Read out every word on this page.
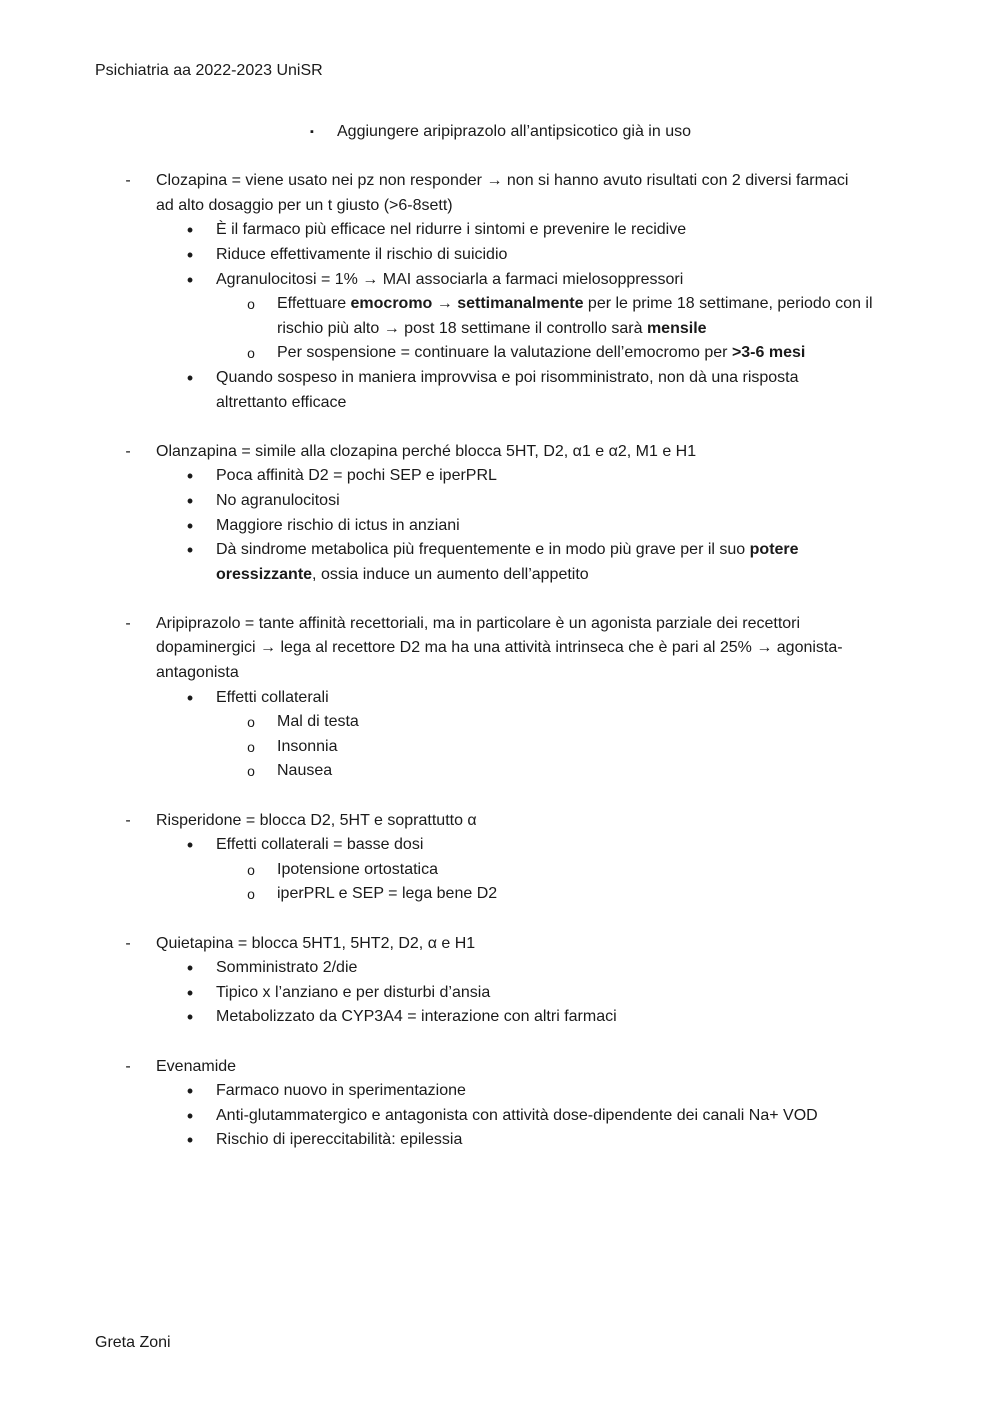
Psichiatria aa 2022-2023 UniSR
▪	Aggiungere aripiprazolo all’antipsicotico già in uso
-	Clozapina = viene usato nei pz non responder → non si hanno avuto risultati con 2 diversi farmaci
ad alto dosaggio per un t giusto (>6-8sett)
•	È il farmaco più efficace nel ridurre i sintomi e prevenire le recidive
•	Riduce effettivamente il rischio di suicidio
•	Agranulocitosi = 1% → MAI associarla a farmaci mielosoppressori
o	Effettuare emocromo → settimanalmente per le prime 18 settimane, periodo con il
rischio più alto → post 18 settimane il controllo sarà mensile
o	Per sospensione = continuare la valutazione dell’emocromo per >3-6 mesi
•	Quando sospeso in maniera improvvisa e poi risomministrato, non dà una risposta
altrettanto efficace
-	Olanzapina = simile alla clozapina perché blocca 5HT, D2, α1 e α2, M1 e H1
•	Poca affinità D2 = pochi SEP e iperPRL
•	No agranulocitosi
•	Maggiore rischio di ictus in anziani
•	Dà sindrome metabolica più frequentemente e in modo più grave per il suo potere
oressizzante, ossia induce un aumento dell’appetito
-	Aripiprazolo = tante affinità recettoriali, ma in particolare è un agonista parziale dei recettori
dopaminergici → lega al recettore D2 ma ha una attività intrinseca che è pari al 25% → agonista-
antagonista
•	Effetti collaterali
o	Mal di testa
o	Insonnia
o	Nausea
-	Risperidone = blocca D2, 5HT e soprattutto α
•	Effetti collaterali = basse dosi
o	Ipotensione ortostatica
o	iperPRL e SEP = lega bene D2
-	Quietapina = blocca 5HT1, 5HT2, D2, α e H1
•	Somministrato 2/die
•	Tipico x l’anziano e per disturbi d’ansia
•	Metabolizzato da CYP3A4 = interazione con altri farmaci
-	Evenamide
•	Farmaco nuovo in sperimentazione
•	Anti-glutammatergico e antagonista con attività dose-dipendente dei canali Na+ VOD
•	Rischio di ipereccitabilità: epilessia
Greta Zoni
